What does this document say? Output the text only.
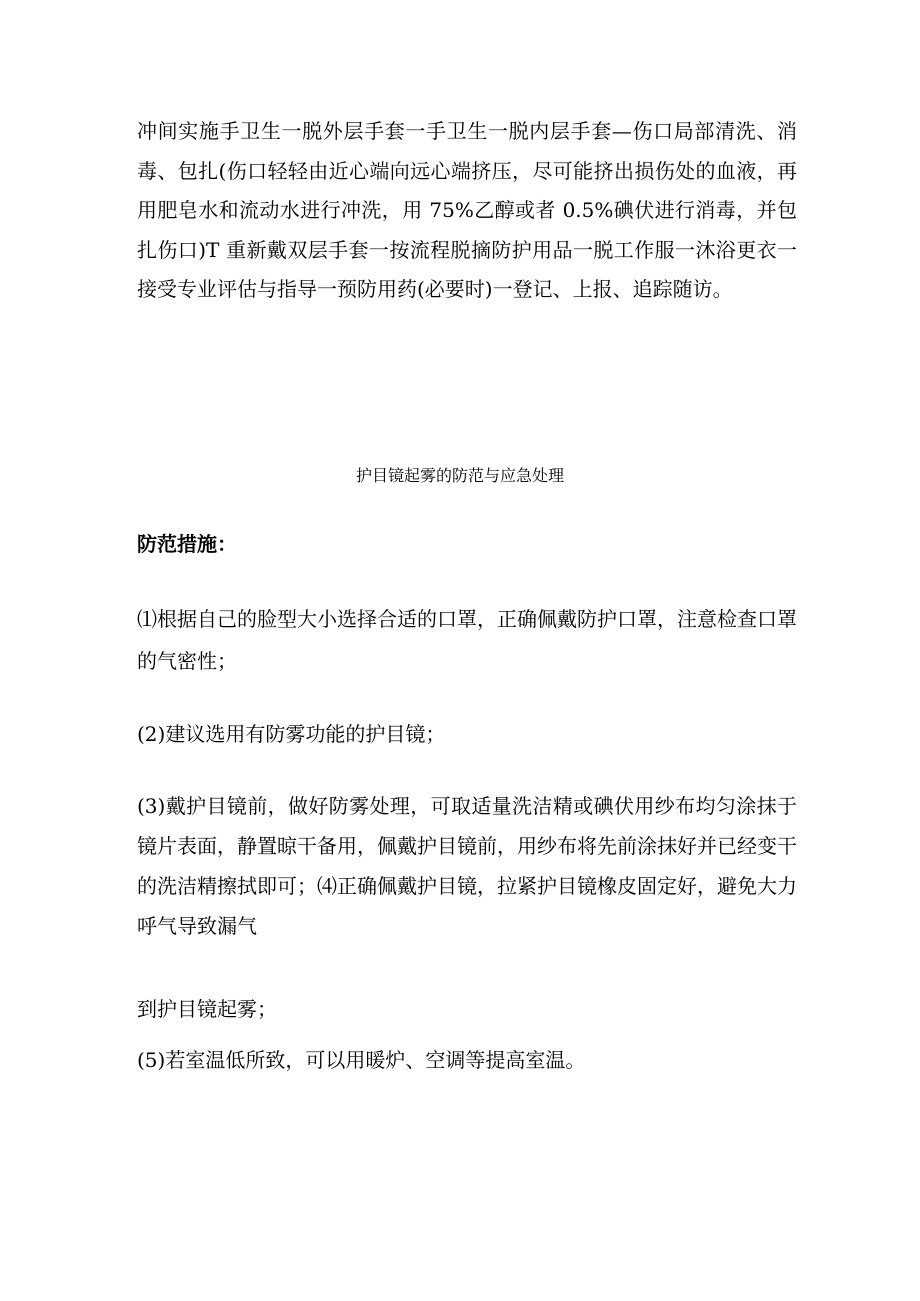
冲间实施手卫生一脱外层手套一手卫生一脱内层手套—伤口局部清洗、消毒、包扎(伤口轻轻由近心端向远心端挤压，尽可能挤出损伤处的血液，再用肥皂水和流动水进行冲洗，用 75%乙醇或者 0.5%碘伏进行消毒，并包扎伤口)T 重新戴双层手套一按流程脱摘防护用品一脱工作服一沐浴更衣一接受专业评估与指导一预防用药(必要时)一登记、上报、追踪随访。

护目镜起雾的防范与应急处理

防范措施：

⑴根据自己的脸型大小选择合适的口罩，正确佩戴防护口罩，注意检查口罩的气密性；

(2)建议选用有防雾功能的护目镜；

(3)戴护目镜前，做好防雾处理，可取适量洗洁精或碘伏用纱布均匀涂抹于镜片表面，静置晾干备用，佩戴护目镜前，用纱布将先前涂抹好并已经变干的洗洁精擦拭即可；⑷正确佩戴护目镜，拉紧护目镜橡皮固定好，避免大力呼气导致漏气

到护目镜起雾；

(5)若室温低所致，可以用暖炉、空调等提高室温。
